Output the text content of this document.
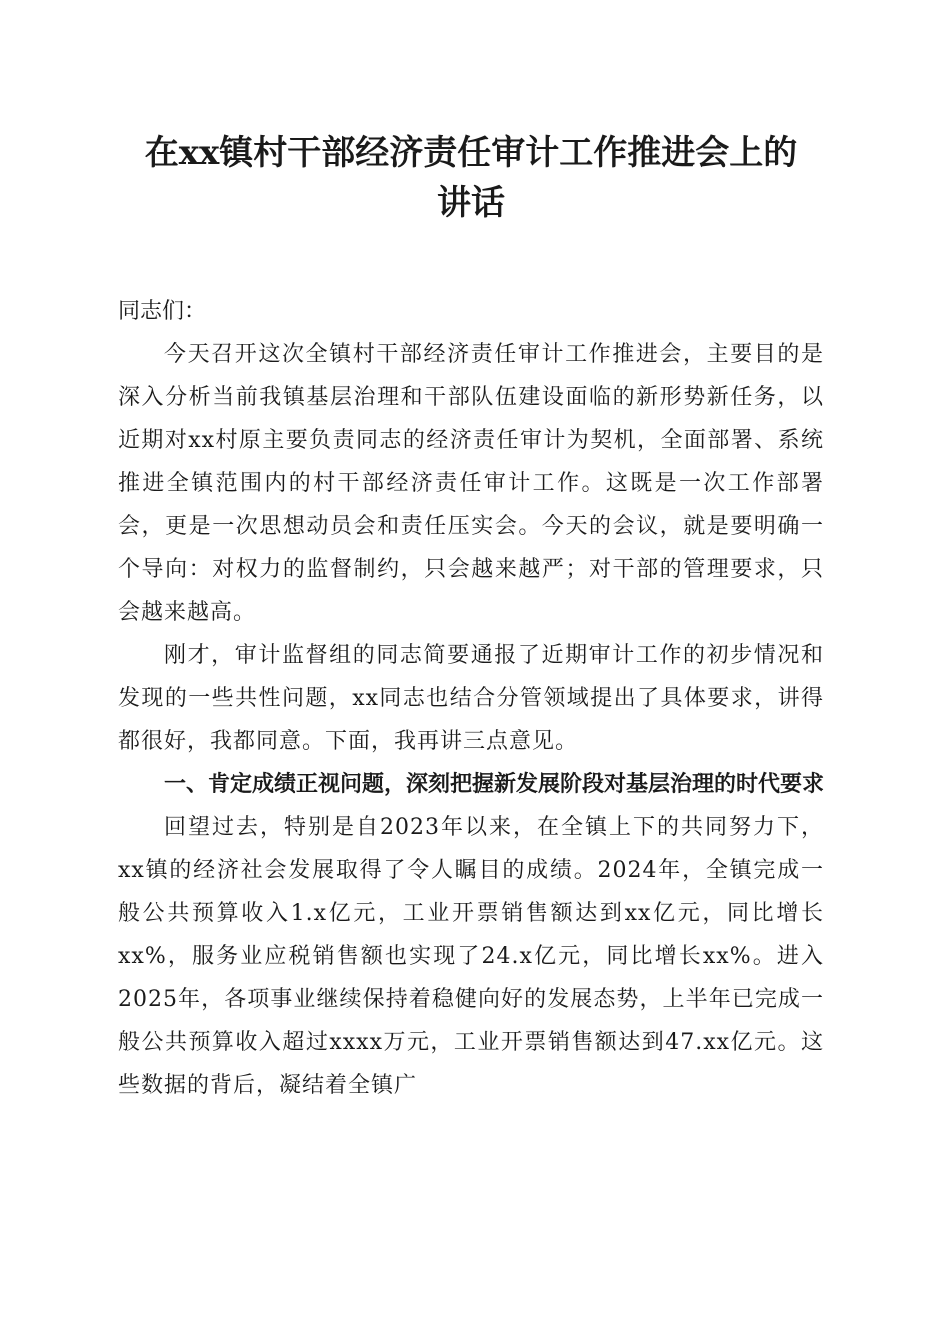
在xx镇村干部经济责任审计工作推进会上的
讲话

同志们：

今天召开这次全镇村干部经济责任审计工作推进会，主要目的是深入分析当前我镇基层治理和干部队伍建设面临的新形势新任务，以近期对xx村原主要负责同志的经济责任审计为契机，全面部署、系统推进全镇范围内的村干部经济责任审计工作。这既是一次工作部署会，更是一次思想动员会和责任压实会。今天的会议，就是要明确一个导向：对权力的监督制约，只会越来越严；对干部的管理要求，只会越来越高。

刚才，审计监督组的同志简要通报了近期审计工作的初步情况和发现的一些共性问题，xx同志也结合分管领域提出了具体要求，讲得都很好，我都同意。下面，我再讲三点意见。

一、肯定成绩正视问题，深刻把握新发展阶段对基层治理的时代要求

回望过去，特别是自2023年以来，在全镇上下的共同努力下，xx镇的经济社会发展取得了令人瞩目的成绩。2024年，全镇完成一般公共预算收入1.x亿元，工业开票销售额达到xx亿元，同比增长xx%，服务业应税销售额也实现了24.x亿元，同比增长xx%。进入2025年，各项事业继续保持着稳健向好的发展态势，上半年已完成一般公共预算收入超过xxxx万元，工业开票销售额达到47.xx亿元。这些数据的背后，凝结着全镇广
